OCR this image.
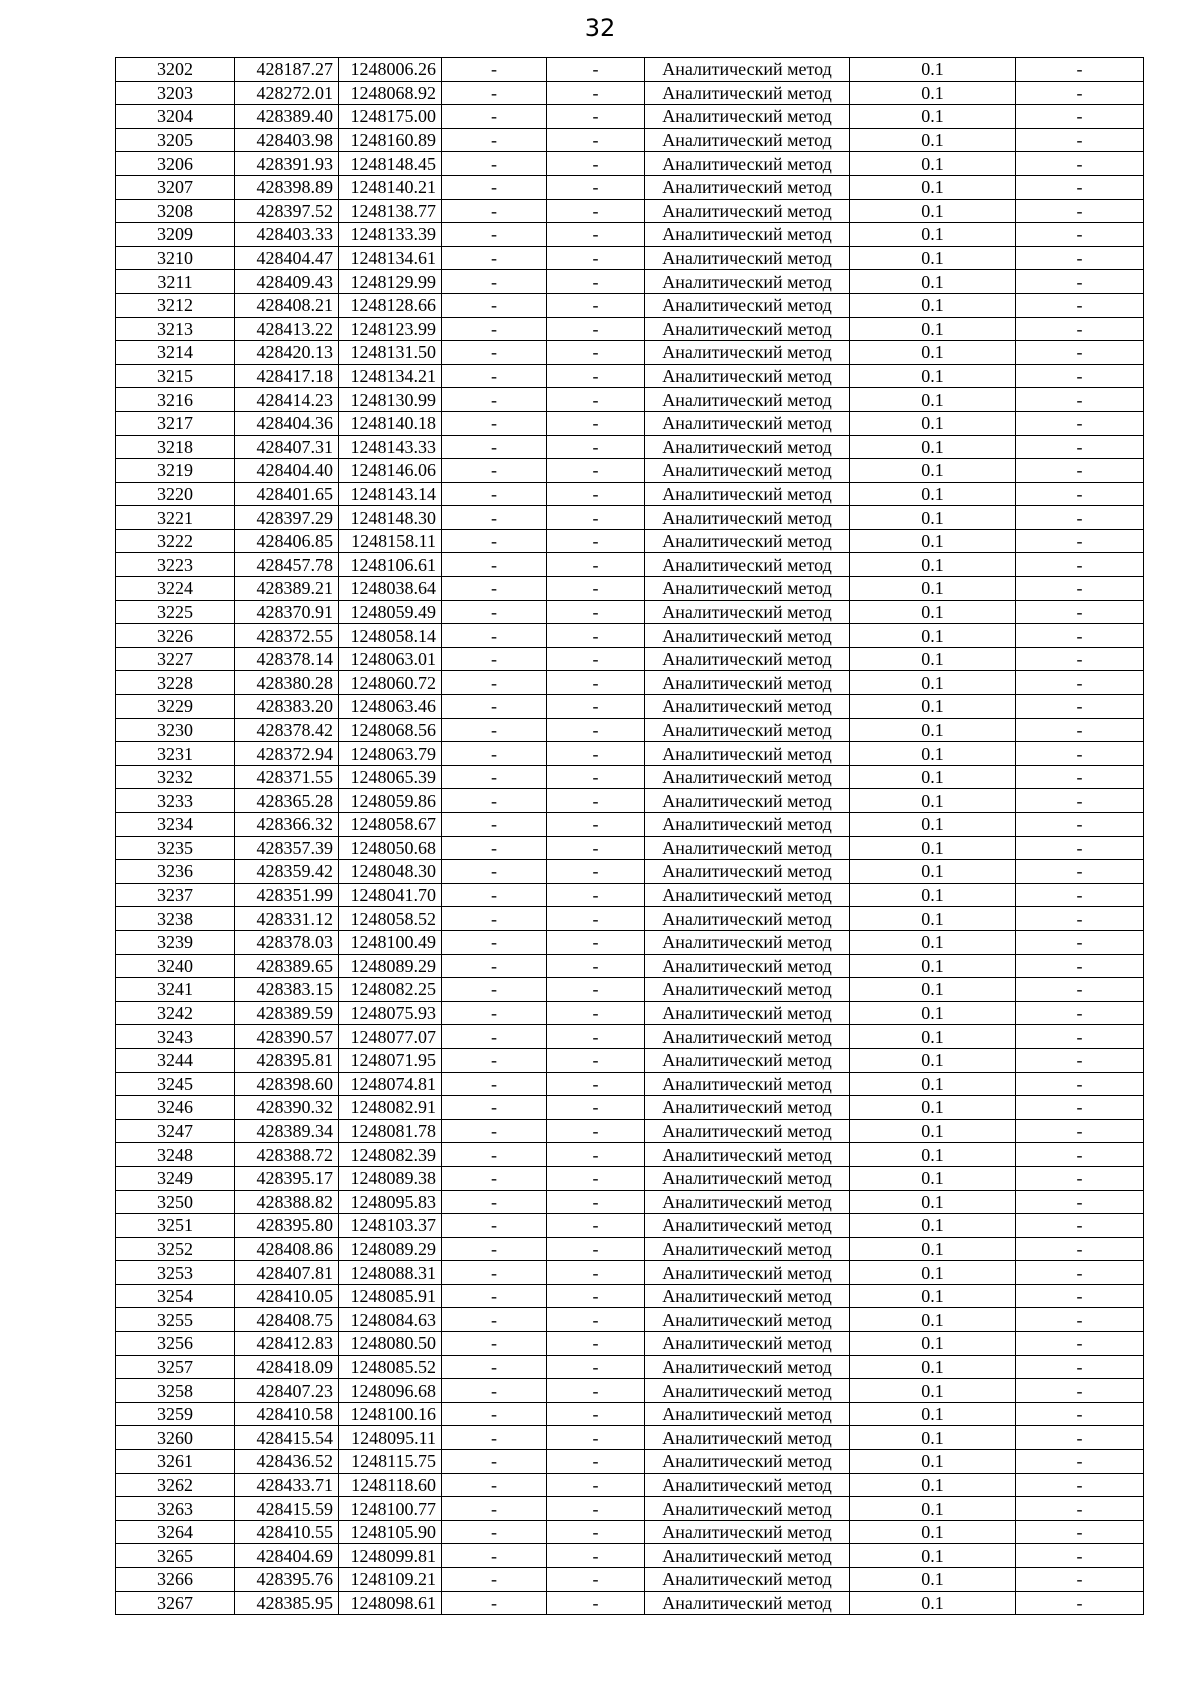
32
3202	428187.27	1248006.26	-	-	Аналитический метод	0.1	-
3203	428272.01	1248068.92	-	-	Аналитический метод	0.1	-
3204	428389.40	1248175.00	-	-	Аналитический метод	0.1	-
3205	428403.98	1248160.89	-	-	Аналитический метод	0.1	-
3206	428391.93	1248148.45	-	-	Аналитический метод	0.1	-
3207	428398.89	1248140.21	-	-	Аналитический метод	0.1	-
3208	428397.52	1248138.77	-	-	Аналитический метод	0.1	-
3209	428403.33	1248133.39	-	-	Аналитический метод	0.1	-
3210	428404.47	1248134.61	-	-	Аналитический метод	0.1	-
3211	428409.43	1248129.99	-	-	Аналитический метод	0.1	-
3212	428408.21	1248128.66	-	-	Аналитический метод	0.1	-
3213	428413.22	1248123.99	-	-	Аналитический метод	0.1	-
3214	428420.13	1248131.50	-	-	Аналитический метод	0.1	-
3215	428417.18	1248134.21	-	-	Аналитический метод	0.1	-
3216	428414.23	1248130.99	-	-	Аналитический метод	0.1	-
3217	428404.36	1248140.18	-	-	Аналитический метод	0.1	-
3218	428407.31	1248143.33	-	-	Аналитический метод	0.1	-
3219	428404.40	1248146.06	-	-	Аналитический метод	0.1	-
3220	428401.65	1248143.14	-	-	Аналитический метод	0.1	-
3221	428397.29	1248148.30	-	-	Аналитический метод	0.1	-
3222	428406.85	1248158.11	-	-	Аналитический метод	0.1	-
3223	428457.78	1248106.61	-	-	Аналитический метод	0.1	-
3224	428389.21	1248038.64	-	-	Аналитический метод	0.1	-
3225	428370.91	1248059.49	-	-	Аналитический метод	0.1	-
3226	428372.55	1248058.14	-	-	Аналитический метод	0.1	-
3227	428378.14	1248063.01	-	-	Аналитический метод	0.1	-
3228	428380.28	1248060.72	-	-	Аналитический метод	0.1	-
3229	428383.20	1248063.46	-	-	Аналитический метод	0.1	-
3230	428378.42	1248068.56	-	-	Аналитический метод	0.1	-
3231	428372.94	1248063.79	-	-	Аналитический метод	0.1	-
3232	428371.55	1248065.39	-	-	Аналитический метод	0.1	-
3233	428365.28	1248059.86	-	-	Аналитический метод	0.1	-
3234	428366.32	1248058.67	-	-	Аналитический метод	0.1	-
3235	428357.39	1248050.68	-	-	Аналитический метод	0.1	-
3236	428359.42	1248048.30	-	-	Аналитический метод	0.1	-
3237	428351.99	1248041.70	-	-	Аналитический метод	0.1	-
3238	428331.12	1248058.52	-	-	Аналитический метод	0.1	-
3239	428378.03	1248100.49	-	-	Аналитический метод	0.1	-
3240	428389.65	1248089.29	-	-	Аналитический метод	0.1	-
3241	428383.15	1248082.25	-	-	Аналитический метод	0.1	-
3242	428389.59	1248075.93	-	-	Аналитический метод	0.1	-
3243	428390.57	1248077.07	-	-	Аналитический метод	0.1	-
3244	428395.81	1248071.95	-	-	Аналитический метод	0.1	-
3245	428398.60	1248074.81	-	-	Аналитический метод	0.1	-
3246	428390.32	1248082.91	-	-	Аналитический метод	0.1	-
3247	428389.34	1248081.78	-	-	Аналитический метод	0.1	-
3248	428388.72	1248082.39	-	-	Аналитический метод	0.1	-
3249	428395.17	1248089.38	-	-	Аналитический метод	0.1	-
3250	428388.82	1248095.83	-	-	Аналитический метод	0.1	-
3251	428395.80	1248103.37	-	-	Аналитический метод	0.1	-
3252	428408.86	1248089.29	-	-	Аналитический метод	0.1	-
3253	428407.81	1248088.31	-	-	Аналитический метод	0.1	-
3254	428410.05	1248085.91	-	-	Аналитический метод	0.1	-
3255	428408.75	1248084.63	-	-	Аналитический метод	0.1	-
3256	428412.83	1248080.50	-	-	Аналитический метод	0.1	-
3257	428418.09	1248085.52	-	-	Аналитический метод	0.1	-
3258	428407.23	1248096.68	-	-	Аналитический метод	0.1	-
3259	428410.58	1248100.16	-	-	Аналитический метод	0.1	-
3260	428415.54	1248095.11	-	-	Аналитический метод	0.1	-
3261	428436.52	1248115.75	-	-	Аналитический метод	0.1	-
3262	428433.71	1248118.60	-	-	Аналитический метод	0.1	-
3263	428415.59	1248100.77	-	-	Аналитический метод	0.1	-
3264	428410.55	1248105.90	-	-	Аналитический метод	0.1	-
3265	428404.69	1248099.81	-	-	Аналитический метод	0.1	-
3266	428395.76	1248109.21	-	-	Аналитический метод	0.1	-
3267	428385.95	1248098.61	-	-	Аналитический метод	0.1	-
